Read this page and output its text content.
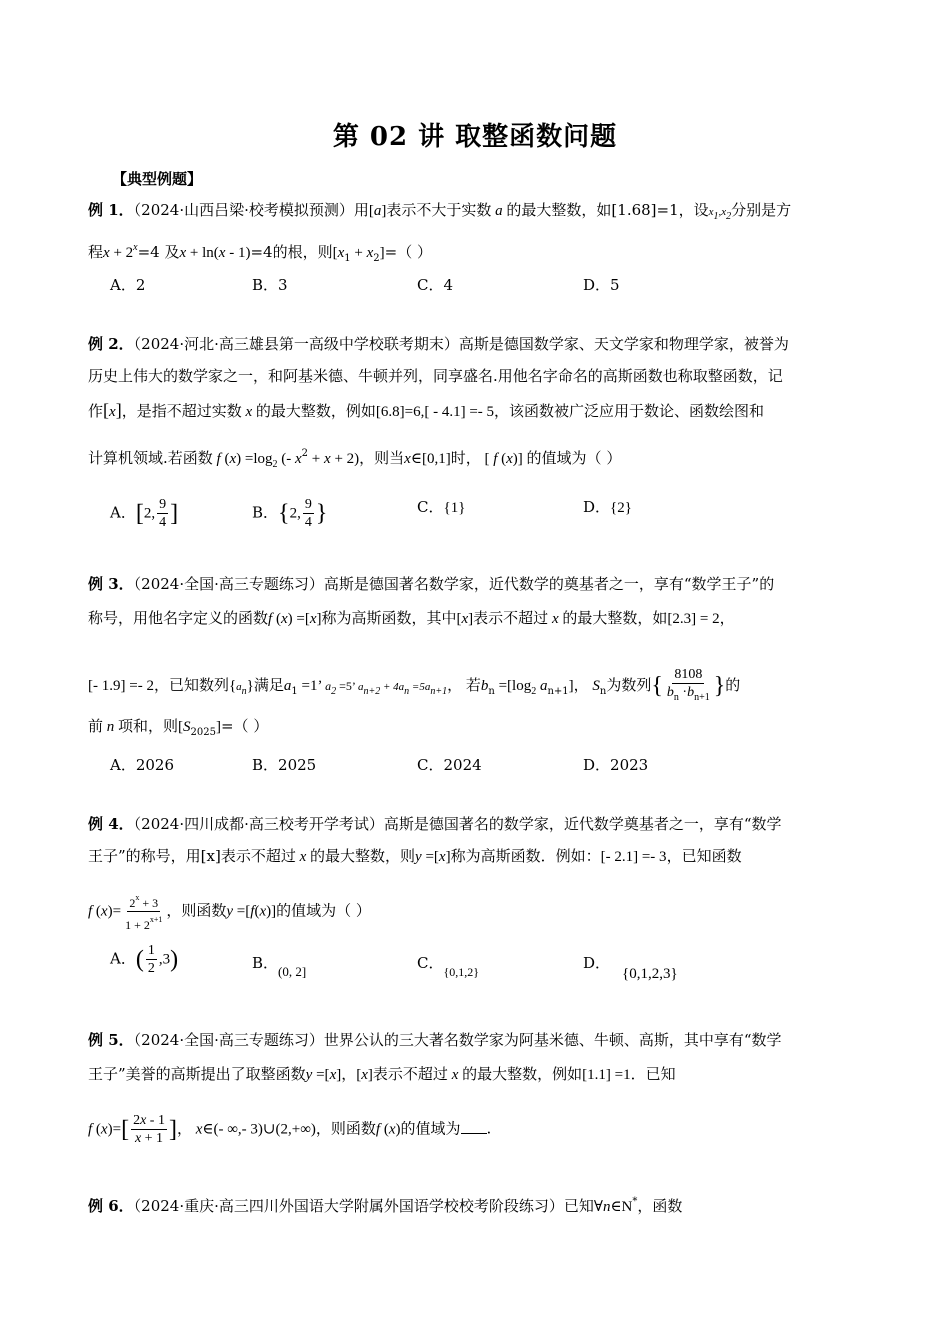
第 02 讲 取整函数问题
【典型例题】
例 1．（2024·山西吕梁·校考模拟预测）用[a]表示不大于实数 a 的最大整数，如[1.68]=1，设x1,x2分别是方
程$x + 2^x=4$ 及x + ln(x - 1)=4的根，则$[x_1 + x_2]=$（ ）
A．2	B．3	C．4	D．5
例 2．（2024·河北·高三雄县第一高级中学校联考期末）高斯是德国数学家、天文学家和物理学家，被誉为
历史上伟大的数学家之一，和阿基米德、牛顿并列，同享盛名.用他名字命名的高斯函数也称取整函数，记
作[x]，是指不超过实数 x 的最大整数，例如[6.8]=6,[ - 4.1] =- 5，该函数被广泛应用于数论、函数绘图和
计算机领域.若函数 f $(x) =\log_2$ (- $x^2 + x + 2$)，则当x∈[0,1]时， [ f (x)] 的值域为（ ）
A．[2, $\frac{9}{4}$ ]	B．{2, $\frac{9}{4}$ }	C．{1}	D．{2}
例 3．（2024·全国·高三专题练习）高斯是德国著名数学家，近代数学的奠基者之一，享有“数学王子”的
称号，用他名字定义的函数f (x) =[x]称为高斯函数，其中[x]表示不超过 x 的最大整数，如[2.3] = 2，
[- 1.9] =- 2，已知数列{an}满足$a_1 =1$’ $a_2 =5$’ an+2 + 4an =5an+1， 若$b_n =[\log_2$ $a_{n+1}$]， $S_n$为数列{ $\frac{8108}{b_n \cdot b_{n+1}}$ }的
前 n 项和，则$[S_{2025}]=$（ ）
A．2026	B．2025	C．2024	D．2023
例 4．（2024·四川成都·高三校考开学考试）高斯是德国著名的数学家，近代数学奠基者之一，享有“数学
王子”的称号，用[x]表示不超过 x 的最大整数，则y =[x]称为高斯函数．例如：[- 2.1] =- 3，已知函数
f $(x)= \frac{2^x + 3}{1 + 2^{x+1}}$ ，则函数y =[f(x)]的值域为（ ）
A．( $\frac{1}{2} ,3$)	B．(0, 2]	C．$_{\{0,1,2\}}$	D．{0,1,2,3}
例 5．（2024·全国·高三专题练习）世界公认的三大著名数学家为阿基米德、牛顿、高斯，其中享有“数学
王子”美誉的高斯提出了取整函数y =[x]，[x]表示不超过 x 的最大整数，例如[1.1] =1．已知
f $(x)=[ \frac{2x - 1}{x + 1}$ ]， x∈(- ∞,- 3)∪(2,+∞)，则函数f (x)的值域为 .
例 6．（2024·重庆·高三四川外国语大学附属外国语学校校考阶段练习）已知∀n∈N*，函数
